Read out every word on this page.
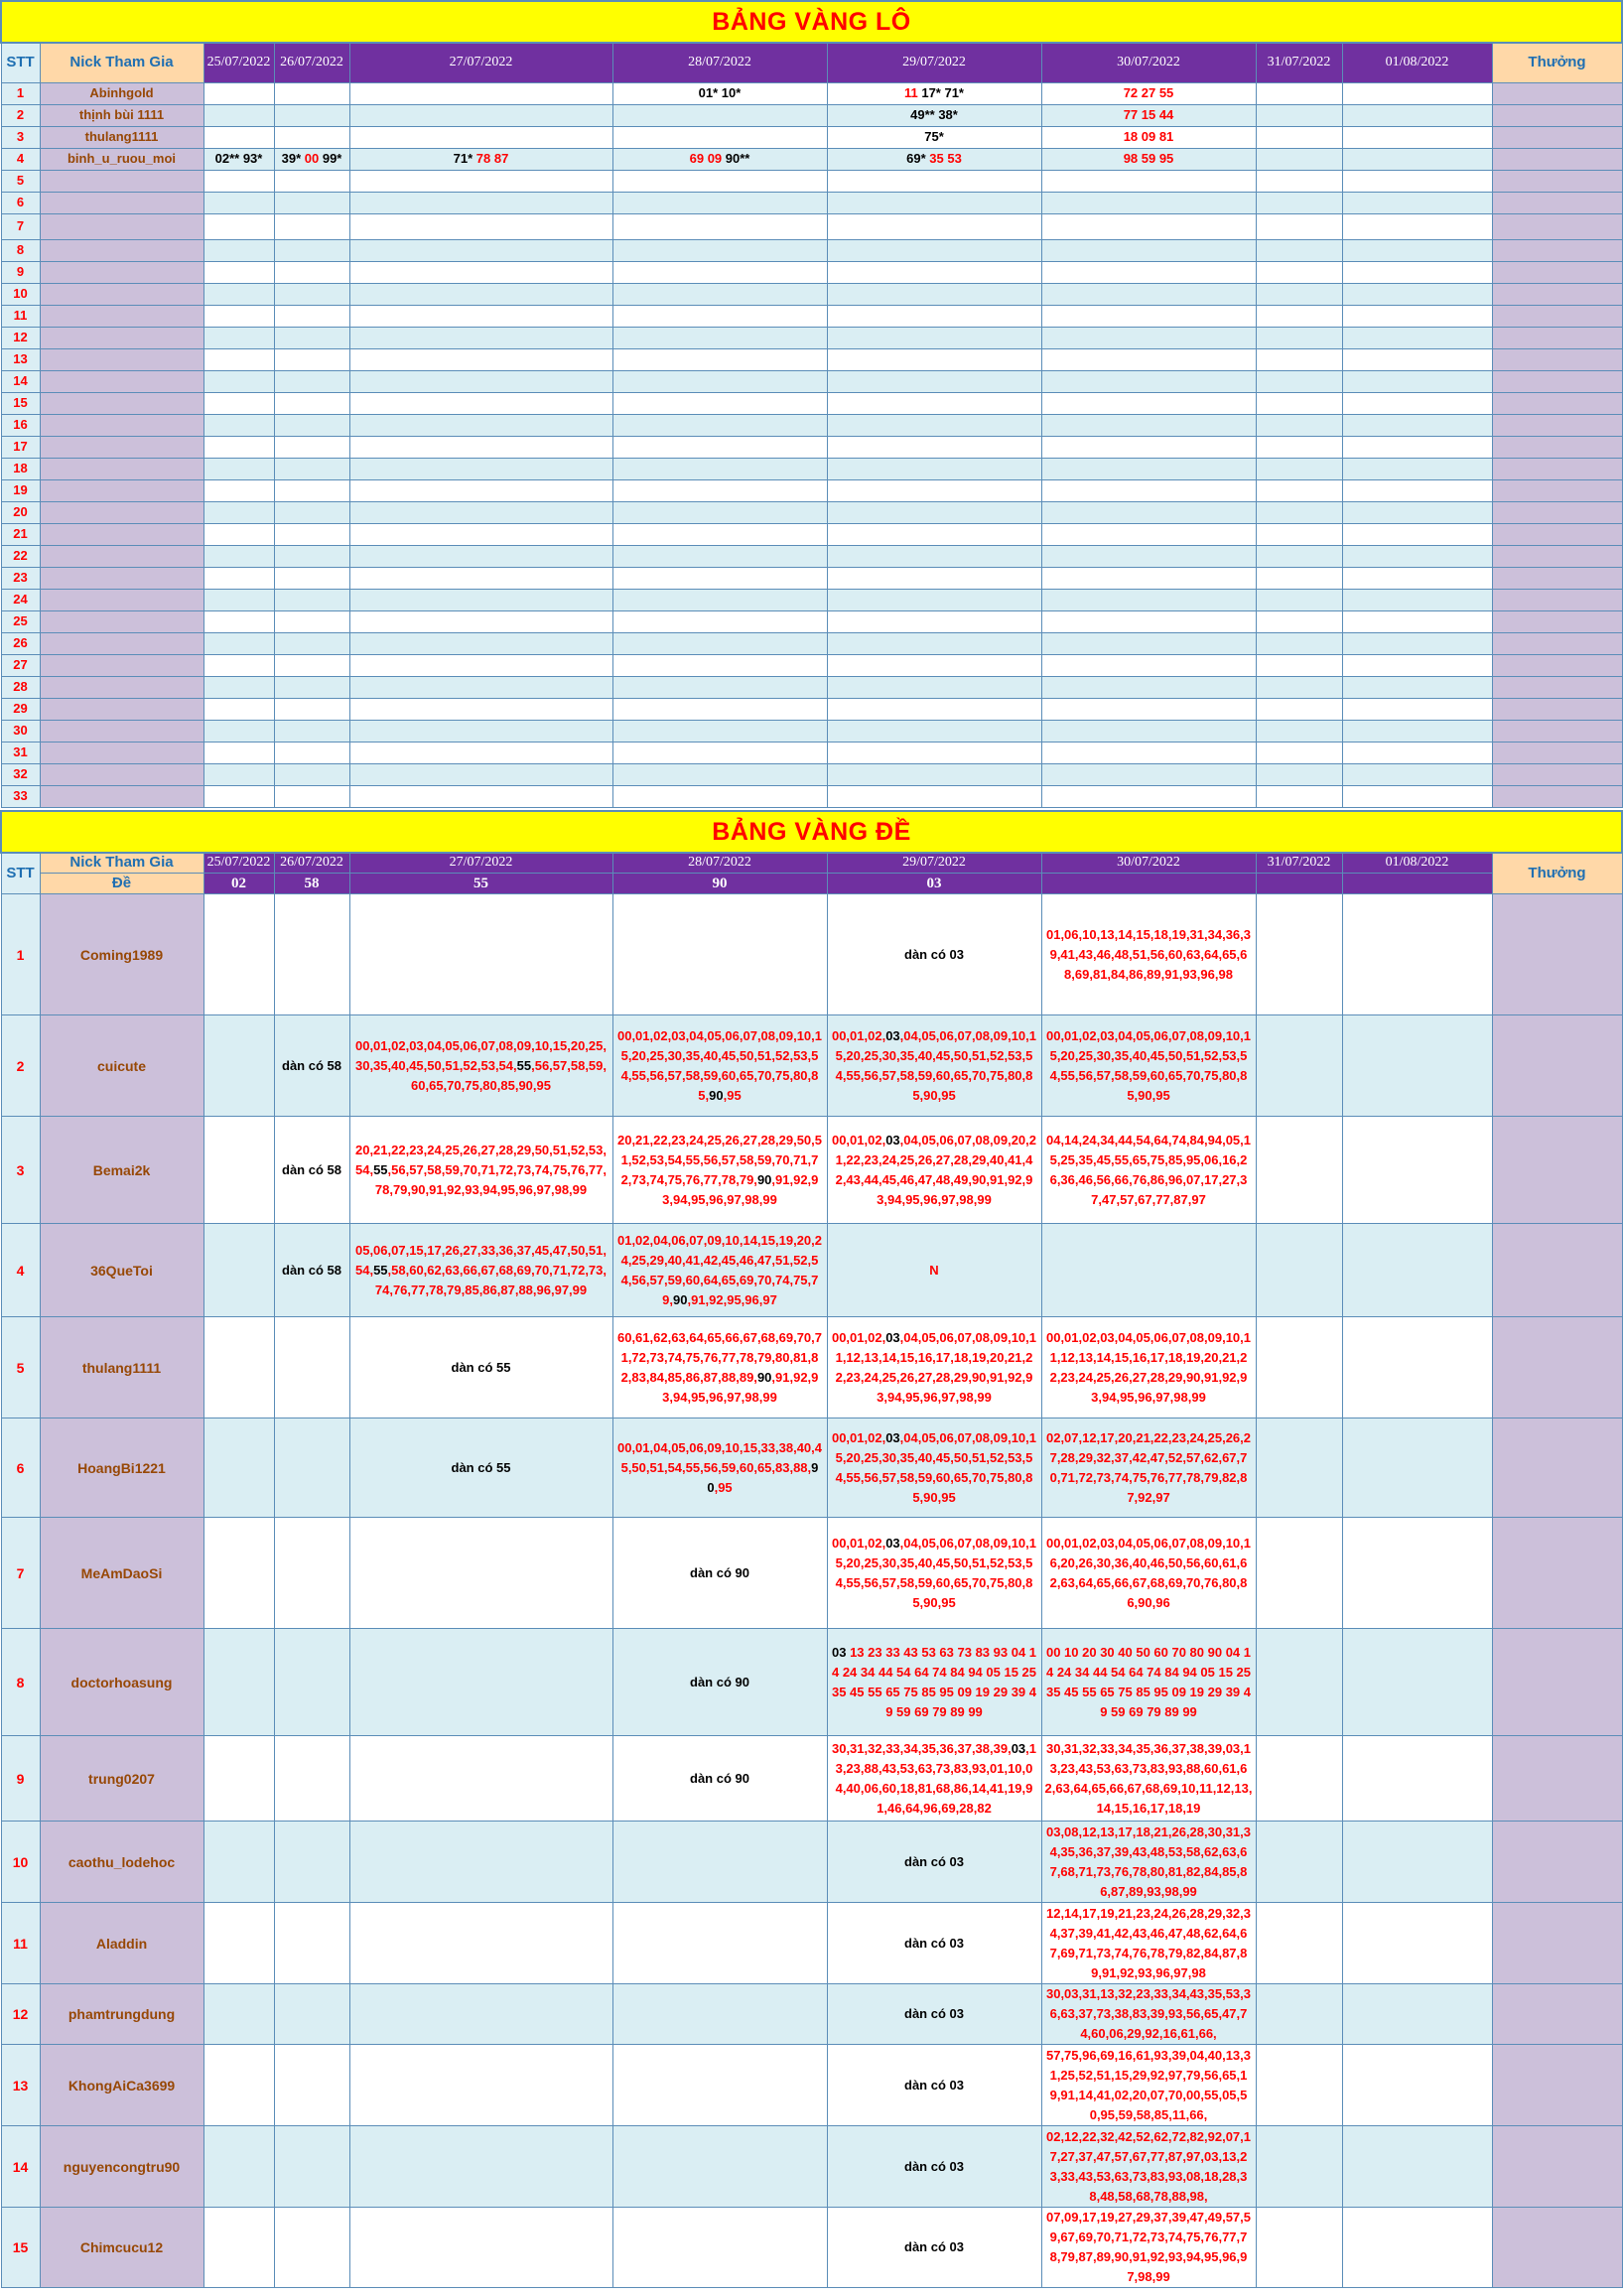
BẢNG VÀNG LÔ										
STT	Nick Tham Gia	25/07/2022	26/07/2022	27/07/2022	28/07/2022	29/07/2022	30/07/2022	31/07/2022	01/08/2022	Thưởng
1	Abinhgold				01* 10*	11 17* 71*	72 27 55			
2	thịnh bùi 1111					49** 38*	77 15 44			
3	thulang1111					75*	18 09 81			
4	binh_u_ruou_moi	02** 93*	39* 00 99*	71* 78 87	69 09 90**	69* 35 53	98 59 95			
5										
6										
7										
8										
9										
10										
11										
12										
13										
14										
15										
16										
17										
18										
19										
20										
21										
22										
23										
24										
25										
26										
27										
28										
29										
30										
31										
32										
33										
BẢNG VÀNG ĐỀ										
STT	Nick Tham Gia	25/07/2022	26/07/2022	27/07/2022	28/07/2022	29/07/2022	30/07/2022	31/07/2022	01/08/2022	Thưởng
	Đề	02	58	55	90	03				
1	Coming1989					dàn có 03	01,06,10,13,14,15,18,19,31,34,36,39,41,43,46,48,51,56,60,63,64,65,68,69,81,84,86,89,91,93,96,98			
2	cuicute		dàn có 58	00,01,02,03,04,05,06,07,08,09,10,15,20,25,30,35,40,45,50,51,52,53,54,55,56,57,58,59,60,65,70,75,80,85,90,95	00,01,02,03,04,05,06,07,08,09,10,15,20,25,30,35,40,45,50,51,52,53,54,55,56,57,58,59,60,65,70,75,80,85,90,95	00,01,02,03,04,05,06,07,08,09,10,15,20,25,30,35,40,45,50,51,52,53,54,55,56,57,58,59,60,65,70,75,80,85,90,95	00,01,02,03,04,05,06,07,08,09,10,15,20,25,30,35,40,45,50,51,52,53,54,55,56,57,58,59,60,65,70,75,80,85,90,95			
3	Bemai2k		dàn có 58	20,21,22,23,24,25,26,27,28,29,50,51,52,53,54,55,56,57,58,59,70,71,72,73,74,75,76,77,78,79,90,91,92,93,94,95,96,97,98,99	20,21,22,23,24,25,26,27,28,29,50,51,52,53,54,55,56,57,58,59,70,71,72,73,74,75,76,77,78,79,90,91,92,93,94,95,96,97,98,99	00,01,02,03,04,05,06,07,08,09,20,21,22,23,24,25,26,27,28,29,40,41,42,43,44,45,46,47,48,49,90,91,92,93,94,95,96,97,98,99	04,14,24,34,44,54,64,74,84,94,05,15,25,35,45,55,65,75,85,95,06,16,26,36,46,56,66,76,86,96,07,17,27,37,47,57,67,77,87,97			
4	36QueToi		dàn có 58	05,06,07,15,17,26,27,33,36,37,45,47,50,51,54,55,58,60,62,63,66,67,68,69,70,71,72,73,74,76,77,78,79,85,86,87,88,96,97,99	01,02,04,06,07,09,10,14,15,19,20,24,25,29,40,41,42,45,46,47,51,52,54,56,57,59,60,64,65,69,70,74,75,79,90,91,92,95,96,97	N				
5	thulang1111			dàn có 55	60,61,62,63,64,65,66,67,68,69,70,71,72,73,74,75,76,77,78,79,80,81,82,83,84,85,86,87,88,89,90,91,92,93,94,95,96,97,98,99	00,01,02,03,04,05,06,07,08,09,10,11,12,13,14,15,16,17,18,19,20,21,22,23,24,25,26,27,28,29,90,91,92,93,94,95,96,97,98,99	00,01,02,03,04,05,06,07,08,09,10,11,12,13,14,15,16,17,18,19,20,21,22,23,24,25,26,27,28,29,90,91,92,93,94,95,96,97,98,99			
6	HoangBi1221			dàn có 55	00,01,04,05,06,09,10,15,33,38,40,45,50,51,54,55,56,59,60,65,83,88,90,95	00,01,02,03,04,05,06,07,08,09,10,15,20,25,30,35,40,45,50,51,52,53,54,55,56,57,58,59,60,65,70,75,80,85,90,95	02,07,12,17,20,21,22,23,24,25,26,27,28,29,32,37,42,47,52,57,62,67,70,71,72,73,74,75,76,77,78,79,82,87,92,97			
7	MeAmDaoSi				dàn có 90	00,01,02,03,04,05,06,07,08,09,10,15,20,25,30,35,40,45,50,51,52,53,54,55,56,57,58,59,60,65,70,75,80,85,90,95	00,01,02,03,04,05,06,07,08,09,10,16,20,26,30,36,40,46,50,56,60,61,62,63,64,65,66,67,68,69,70,76,80,86,90,96			
8	doctorhoasung				dàn có 90	03 13 23 33 43 53 63 73 83 93 04 14 24 34 44 54 64 74 84 94 05 15 25 35 45 55 65 75 85 95 09 19 29 39 49 59 69 79 89 99	00 10 20 30 40 50 60 70 80 90 04 14 24 34 44 54 64 74 84 94 05 15 25 35 45 55 65 75 85 95 09 19 29 39 49 59 69 79 89 99			
9	trung0207				dàn có 90	30,31,32,33,34,35,36,37,38,39,03,13,23,88,43,53,63,73,83,93,01,10,04,40,06,60,18,81,68,86,14,41,19,91,46,64,96,69,28,82	30,31,32,33,34,35,36,37,38,39,03,13,23,43,53,63,73,83,93,88,60,61,62,63,64,65,66,67,68,69,10,11,12,13,14,15,16,17,18,19			
10	caothu_lodehoc					dàn có 03	03,08,12,13,17,18,21,26,28,30,31,34,35,36,37,39,43,48,53,58,62,63,67,68,71,73,76,78,80,81,82,84,85,86,87,89,93,98,99			
11	Aladdin					dàn có 03	12,14,17,19,21,23,24,26,28,29,32,34,37,39,41,42,43,46,47,48,62,64,67,69,71,73,74,76,78,79,82,84,87,89,91,92,93,96,97,98			
12	phamtrungdung					dàn có 03	30,03,31,13,32,23,33,34,43,35,53,36,63,37,73,38,83,39,93,56,65,47,74,60,06,29,92,16,61,66,			
13	KhongAiCa3699					dàn có 03	57,75,96,69,16,61,93,39,04,40,13,31,25,52,51,15,29,92,97,79,56,65,19,91,14,41,02,20,07,70,00,55,05,50,95,59,58,85,11,66,			
14	nguyencongtru90					dàn có 03	02,12,22,32,42,52,62,72,82,92,07,17,27,37,47,57,67,77,87,97,03,13,23,33,43,53,63,73,83,93,08,18,28,38,48,58,68,78,88,98,			
15	Chimcucu12					dàn có 03	07,09,17,19,27,29,37,39,47,49,57,59,67,69,70,71,72,73,74,75,76,77,78,79,87,89,90,91,92,93,94,95,96,97,98,99			
